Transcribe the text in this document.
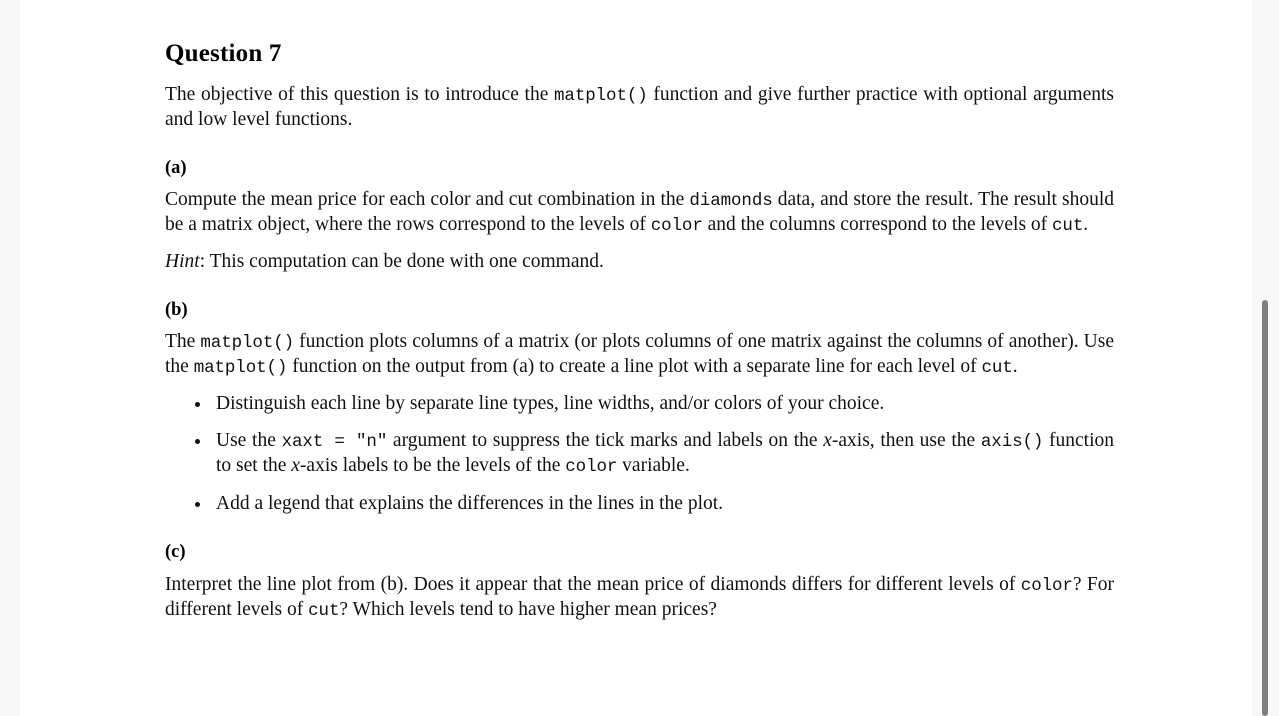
Question 7

The objective of this question is to introduce the matplot() function and give further practice with optional arguments and low level functions.

(a)

Compute the mean price for each color and cut combination in the diamonds data, and store the result. The result should be a matrix object, where the rows correspond to the levels of color and the columns correspond to the levels of cut.

Hint: This computation can be done with one command.

(b)

The matplot() function plots columns of a matrix (or plots columns of one matrix against the columns of another). Use the matplot() function on the output from (a) to create a line plot with a separate line for each level of cut.

Distinguish each line by separate line types, line widths, and/or colors of your choice.
Use the xaxt = "n" argument to suppress the tick marks and labels on the x-axis, then use the axis() function to set the x-axis labels to be the levels of the color variable.
Add a legend that explains the differences in the lines in the plot.
(c)

Interpret the line plot from (b). Does it appear that the mean price of diamonds differs for different levels of color? For different levels of cut? Which levels tend to have higher mean prices?
